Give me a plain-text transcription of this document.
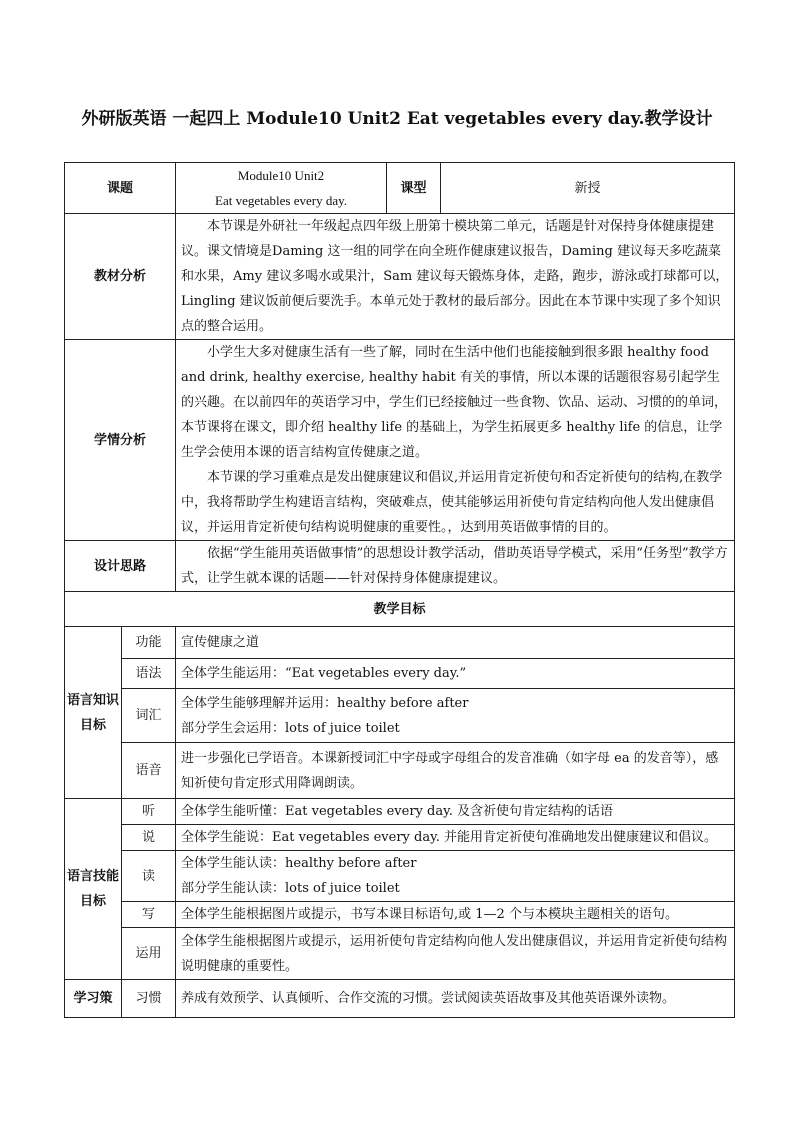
外研版英语 一起四上 Module10 Unit2 Eat vegetables every day.教学设计
课题		Module10 Unit2
Eat vegetables every day.	课型	新授
教材分析		本节课是外研社一年级起点四年级上册第十模块第二单元，话题是针对保持身体健康提建议。课文情境是Daming 这一组的同学在向全班作健康建议报告，Daming 建议每天多吃蔬菜和水果，Amy 建议多喝水或果汁，Sam 建议每天锻炼身体，走路，跑步，游泳或打球都可以，Lingling 建议饭前便后要洗手。本单元处于教材的最后部分。因此在本节课中实现了多个知识点的整合运用。		

学情分析		小学生大多对健康生活有一些了解，同时在生活中他们也能接触到很多跟 healthy food and drink, healthy exercise, healthy habit 有关的事情，所以本课的话题很容易引起学生的兴趣。在以前四年的英语学习中，学生们已经接触过一些食物、饮品、运动、习惯的的单词，本节课将在课文，即介绍 healthy life 的基础上，为学生拓展更多 healthy life 的信息，让学生学会使用本课的语言结构宣传健康之道。

本节课的学习重难点是发出健康建议和倡议,并运用肯定祈使句和否定祈使句的结构,在教学中，我将帮助学生构建语言结构，突破难点，使其能够运用祈使句肯定结构向他人发出健康倡议，并运用肯定祈使句结构说明健康的重要性。，达到用英语做事情的目的。		

设计思路		依据“学生能用英语做事情”的思想设计教学活动，借助英语导学模式，采用“任务型”教学方式，让学生就本课的话题——针对保持身体健康提建议。		

教学目标				
语言知识目标	功能	宣传健康之道		

	语法	全体学生能运用：“Eat vegetables every day.”		

	词汇	全体学生能够理解并运用：healthy before after
部分学生会运用：lots of juice toilet		

	语音	进一步强化已学语音。本课新授词汇中字母或字母组合的发音准确（如字母 ea 的发音等），感知祈使句肯定形式用降调朗读。		

语言技能目标	听	全体学生能听懂：Eat vegetables every day. 及含祈使句肯定结构的话语		

	说	全体学生能说：Eat vegetables every day. 并能用肯定祈使句准确地发出健康建议和倡议。		

	读	全体学生能认读：healthy before after
部分学生能认读：lots of juice toilet		

	写	全体学生能根据图片或提示，书写本课目标语句,或 1—2 个与本模块主题相关的语句。		

	运用	全体学生能根据图片或提示，运用祈使句肯定结构向他人发出健康倡议，并运用肯定祈使句结构说明健康的重要性。		

学习策	习惯	养成有效预学、认真倾听、合作交流的习惯。尝试阅读英语故事及其他英语课外读物。		
